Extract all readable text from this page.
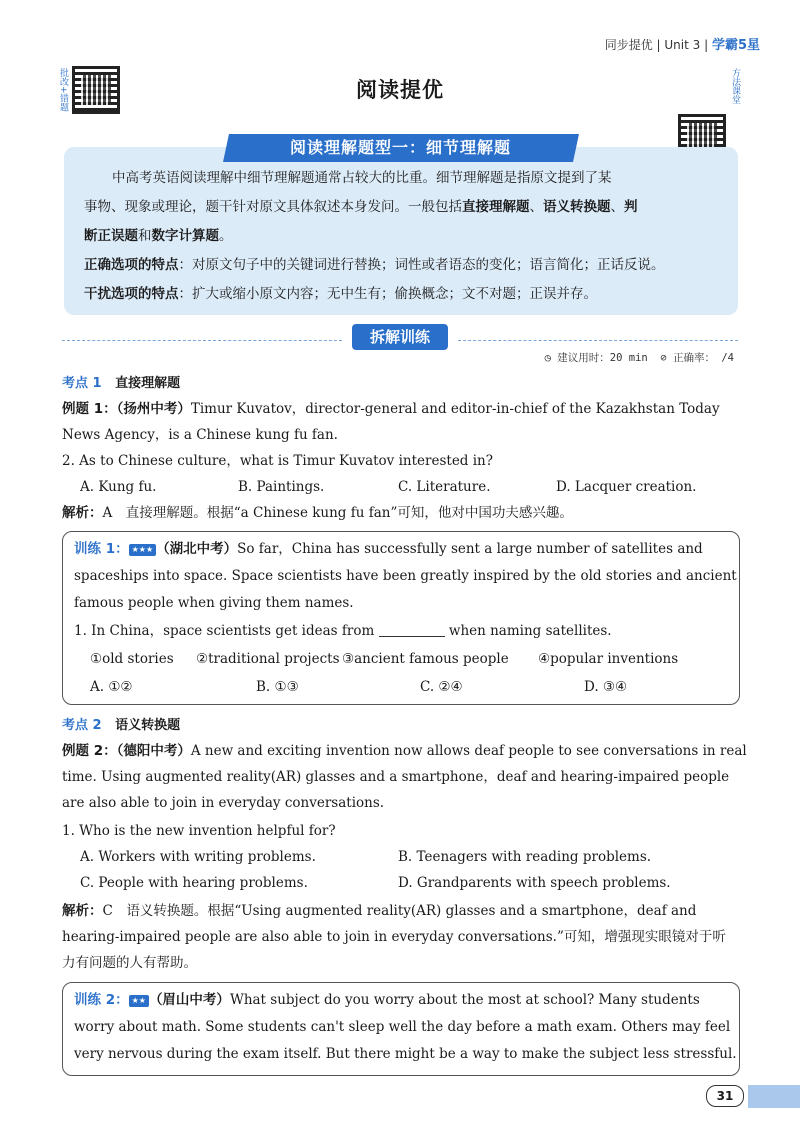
同步提优 | Unit 3 | 学霸5星
批改+错题	方法课堂
阅读提优
阅读理解题型一：细节理解题

中高考英语阅读理解中细节理解题通常占较大的比重。细节理解题是指原文提到了某

事物、现象或理论，题干针对原文具体叙述本身发问。一般包括直接理解题、语义转换题、判

断正误题和数字计算题。

正确选项的特点：对原文句子中的关键词进行替换；词性或者语态的变化；语言简化；正话反说。

干扰选项的特点：扩大或缩小原文内容；无中生有；偷换概念；文不对题；正误并存。

拆解训练
◷ 建议用时：20 min ⊘ 正确率： /4
考点 1 直接理解题
例题 1：（扬州中考）Timur Kuvatov，director-general and editor-in-chief of the Kazakhstan Today
News Agency，is a Chinese kung fu fan.
2. As to Chinese culture，what is Timur Kuvatov interested in?
A. Kung fu.	B. Paintings.	C. Literature.	D. Lacquer creation.
解析：A　直接理解题。根据“a Chinese kung fu fan”可知，他对中国功夫感兴趣。
训练 1： ★★★ （湖北中考）So far，China has successfully sent a large number of satellites and
spaceships into space. Space scientists have been greatly inspired by the old stories and ancient
famous people when giving them names.
1. In China，space scientists get ideas from	when naming satellites.
①old stories ②traditional projects ③ancient famous people ④popular inventions
A. ①②	B. ①③	C. ②④	D. ③④
考点 2 语义转换题
例题 2：（德阳中考）A new and exciting invention now allows deaf people to see conversations in real
time. Using augmented reality(AR) glasses and a smartphone，deaf and hearing-impaired people
are also able to join in everyday conversations.
1. Who is the new invention helpful for?
A. Workers with writing problems.	B. Teenagers with reading problems.
C. People with hearing problems.	D. Grandparents with speech problems.
解析：C　语义转换题。根据“Using augmented reality(AR) glasses and a smartphone，deaf and
hearing-impaired people are also able to join in everyday conversations.”可知，增强现实眼镜对于听
力有问题的人有帮助。
训练 2： ★★ （眉山中考）What subject do you worry about the most at school? Many students
worry about math. Some students can't sleep well the day before a math exam. Others may feel
very nervous during the exam itself. But there might be a way to make the subject less stressful.
31
